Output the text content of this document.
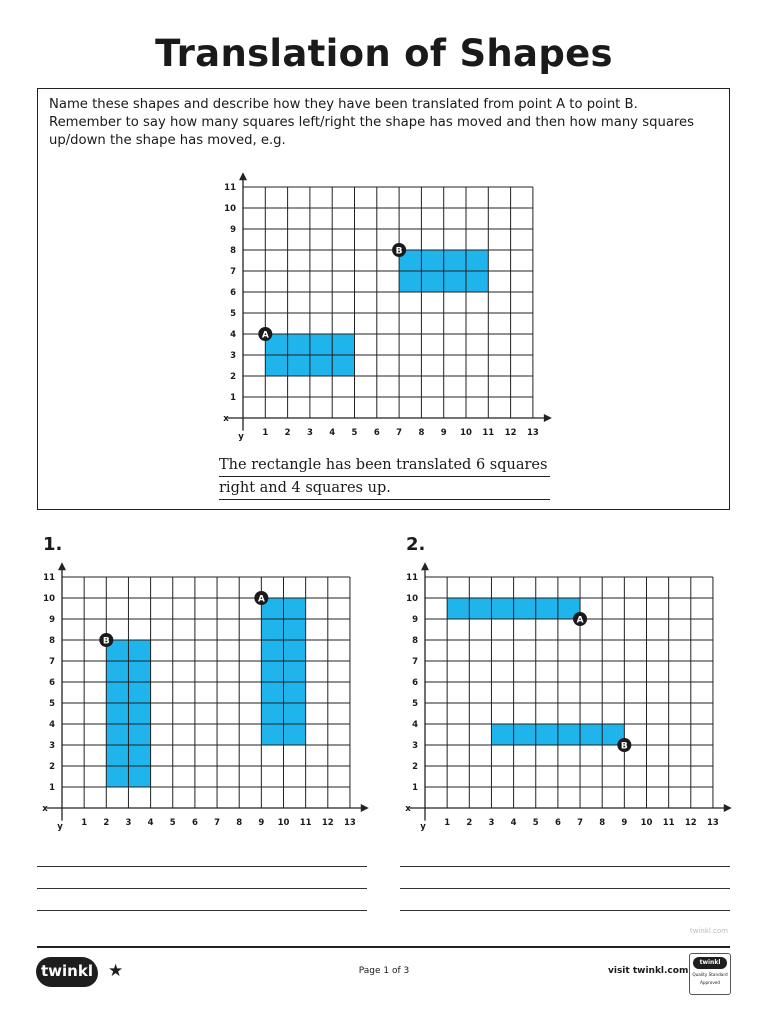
Translation of Shapes
Name these shapes and describe how they have been translated from point A to point B.
Remember to say how many squares left/right the shape has moved and then how many squares
up/down the shape has moved, e.g.
The rectangle has been translated 6 squares
right and 4 squares up.
1 2 3 4 5 6 7 8 9 10 11 12 13
1
2
3
4
5
6
7
8
9
10
11
x
y
A
B
1.	2.
1 2 3 4 5 6 7 8 9 10 11 12 13
1
2
3
4
5
6
7
8
9
10
11
x
y
A
B
1 2 3 4 5 6 7 8 9 10 11 12 13
1
2
3
4
5
6
7
8
9
10
11
x
y
A
B
twinkl.com
twinkl ★	Page 1 of 3	visit twinkl.com
twinkl
Quality Standard
Approved
